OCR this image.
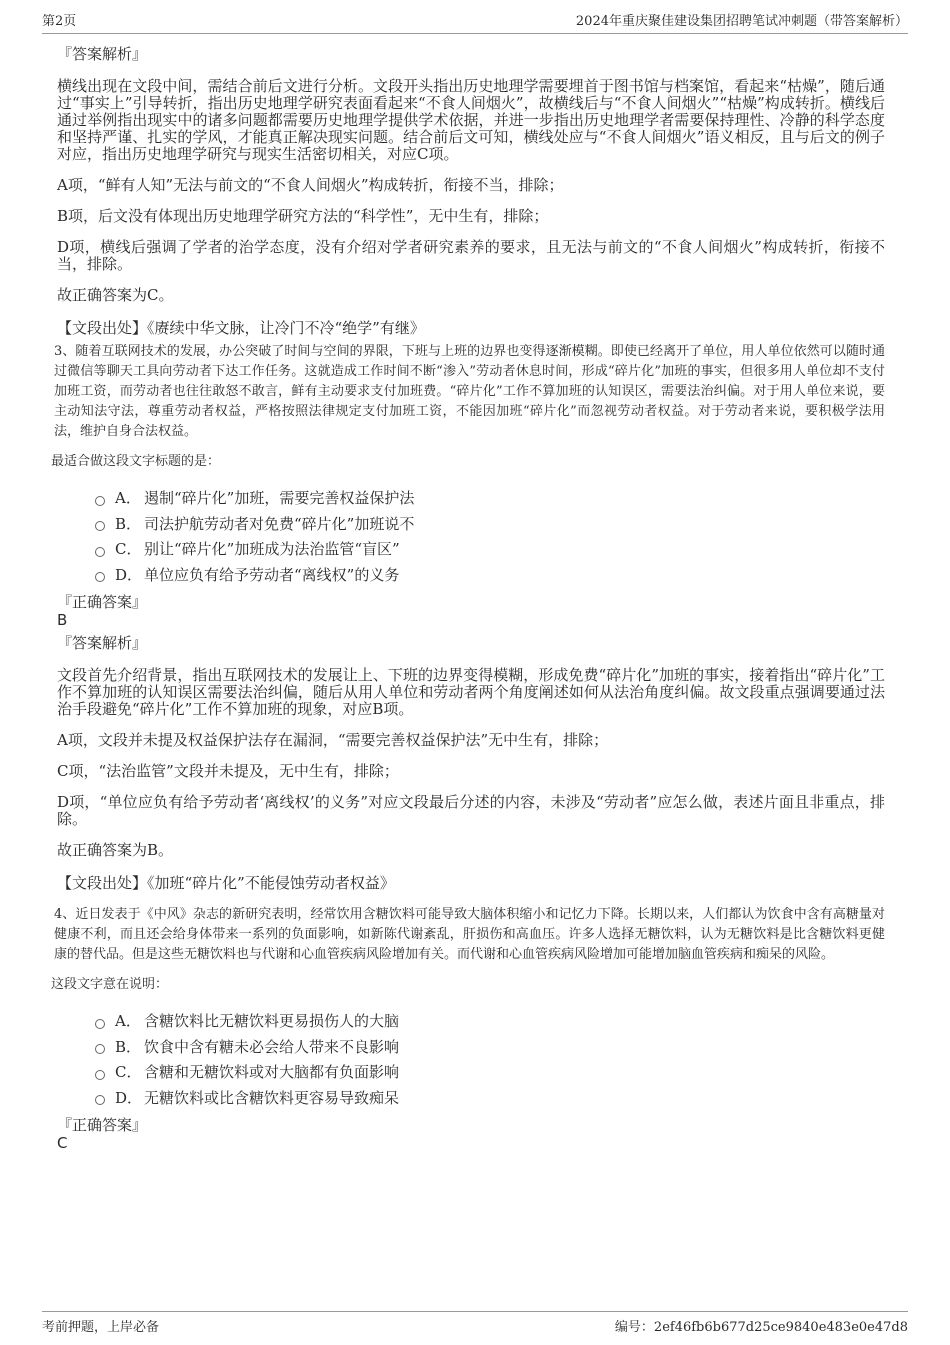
第2页	2024年重庆聚佳建设集团招聘笔试冲刺题（带答案解析）
『答案解析』
横线出现在文段中间，需结合前后文进行分析。文段开头指出历史地理学需要埋首于图书馆与档案馆，看起来“枯燥”，随后通过“事实上”引导转折，指出历史地理学研究表面看起来“不食人间烟火”，故横线后与“不食人间烟火”“枯燥”构成转折。横线后通过举例指出现实中的诸多问题都需要历史地理学提供学术依据，并进一步指出历史地理学者需要保持理性、冷静的科学态度和坚持严谨、扎实的学风，才能真正解决现实问题。结合前后文可知，横线处应与“不食人间烟火”语义相反，且与后文的例子对应，指出历史地理学研究与现实生活密切相关，对应C项。
A项，“鲜有人知”无法与前文的“不食人间烟火”构成转折，衔接不当，排除；
B项，后文没有体现出历史地理学研究方法的“科学性”，无中生有，排除；
D项，横线后强调了学者的治学态度，没有介绍对学者研究素养的要求，且无法与前文的“不食人间烟火”构成转折，衔接不当，排除。
故正确答案为C。
【文段出处】《赓续中华文脉，让冷门不冷“绝学”有继》
3、随着互联网技术的发展，办公突破了时间与空间的界限，下班与上班的边界也变得逐渐模糊。即使已经离开了单位，用人单位依然可以随时通过微信等聊天工具向劳动者下达工作任务。这就造成工作时间不断“渗入”劳动者休息时间，形成“碎片化”加班的事实，但很多用人单位却不支付加班工资，而劳动者也往往敢怒不敢言，鲜有主动要求支付加班费。“碎片化”工作不算加班的认知误区，需要法治纠偏。对于用人单位来说，要主动知法守法，尊重劳动者权益，严格按照法律规定支付加班工资，不能因加班“碎片化”而忽视劳动者权益。对于劳动者来说，要积极学法用法，维护自身合法权益。
最适合做这段文字标题的是：
A． 遏制“碎片化”加班，需要完善权益保护法
B． 司法护航劳动者对免费“碎片化”加班说不
C． 别让“碎片化”加班成为法治监管“盲区”
D． 单位应负有给予劳动者“离线权”的义务
『正确答案』
B
『答案解析』
文段首先介绍背景，指出互联网技术的发展让上、下班的边界变得模糊，形成免费“碎片化”加班的事实，接着指出“碎片化”工作不算加班的认知误区需要法治纠偏，随后从用人单位和劳动者两个角度阐述如何从法治角度纠偏。故文段重点强调要通过法治手段避免“碎片化”工作不算加班的现象，对应B项。
A项，文段并未提及权益保护法存在漏洞，“需要完善权益保护法”无中生有，排除；
C项，“法治监管”文段并未提及，无中生有，排除；
D项，“单位应负有给予劳动者‘离线权’的义务”对应文段最后分述的内容，未涉及“劳动者”应怎么做，表述片面且非重点，排除。
故正确答案为B。
【文段出处】《加班“碎片化”不能侵蚀劳动者权益》
4、近日发表于《中风》杂志的新研究表明，经常饮用含糖饮料可能导致大脑体积缩小和记忆力下降。长期以来，人们都认为饮食中含有高糖量对健康不利，而且还会给身体带来一系列的负面影响，如新陈代谢紊乱，肝损伤和高血压。许多人选择无糖饮料，认为无糖饮料是比含糖饮料更健康的替代品。但是这些无糖饮料也与代谢和心血管疾病风险增加有关。而代谢和心血管疾病风险增加可能增加脑血管疾病和痴呆的风险。
这段文字意在说明：
A． 含糖饮料比无糖饮料更易损伤人的大脑
B． 饮食中含有糖未必会给人带来不良影响
C． 含糖和无糖饮料或对大脑都有负面影响
D． 无糖饮料或比含糖饮料更容易导致痴呆
『正确答案』
C
考前押题，上岸必备	编号：2ef46fb6b677d25ce9840e483e0e47d8
